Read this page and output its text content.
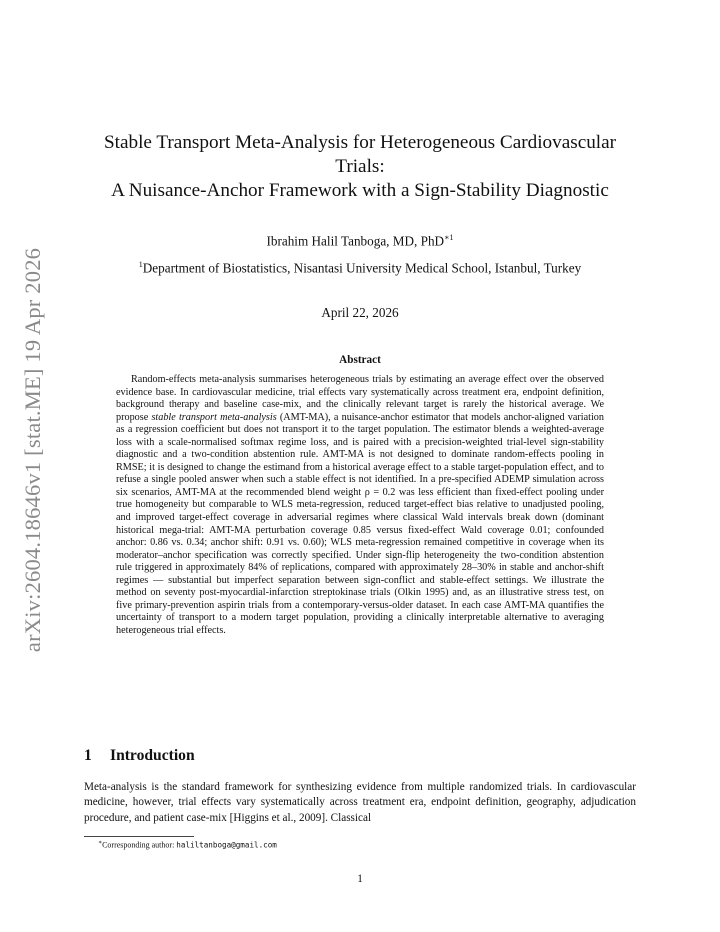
arXiv:2604.18646v1 [stat.ME] 19 Apr 2026
Stable Transport Meta-Analysis for Heterogeneous Cardiovascular
Trials:
A Nuisance-Anchor Framework with a Sign-Stability Diagnostic
Ibrahim Halil Tanboga, MD, PhD$^{∗1}$
$^1$Department of Biostatistics, Nisantasi University Medical School, Istanbul, Turkey
April 22, 2026
Abstract

Random-effects meta-analysis summarises heterogeneous trials by estimating an average effect over the observed evidence base. In cardiovascular medicine, trial effects vary systematically across treatment era, endpoint definition, background therapy and baseline case-mix, and the clinically relevant target is rarely the historical average. We propose stable transport meta-analysis (AMT-MA), a nuisance-anchor estimator that models anchor-aligned variation as a regression coefficient but does not transport it to the target population. The estimator blends a weighted-average loss with a scale-normalised softmax regime loss, and is paired with a precision-weighted trial-level sign-stability diagnostic and a two-condition abstention rule. AMT-MA is not designed to dominate random-effects pooling in RMSE; it is designed to change the estimand from a historical average effect to a stable target-population effect, and to refuse a single pooled answer when such a stable effect is not identified. In a pre-specified ADEMP simulation across six scenarios, AMT-MA at the recommended blend weight ρ = 0.2 was less efficient than fixed-effect pooling under true homogeneity but comparable to WLS meta-regression, reduced target-effect bias relative to unadjusted pooling, and improved target-effect coverage in adversarial regimes where classical Wald intervals break down (dominant historical mega-trial: AMT-MA perturbation coverage 0.85 versus fixed-effect Wald coverage 0.01; confounded anchor: 0.86 vs. 0.34; anchor shift: 0.91 vs. 0.60); WLS meta-regression remained competitive in coverage when its moderator–anchor specification was correctly specified. Under sign-flip heterogeneity the two-condition abstention rule triggered in approximately 84% of replications, compared with approximately 28–30% in stable and anchor-shift regimes — substantial but imperfect separation between sign-conflict and stable-effect settings. We illustrate the method on seventy post-myocardial-infarction streptokinase trials (Olkin 1995) and, as an illustrative stress test, on five primary-prevention aspirin trials from a contemporary-versus-older dataset. In each case AMT-MA quantifies the uncertainty of transport to a modern target population, providing a clinically interpretable alternative to averaging heterogeneous trial effects.

1 Introduction

Meta-analysis is the standard framework for synthesizing evidence from multiple randomized trials. In cardiovascular medicine, however, trial effects vary systematically across treatment era, endpoint definition, geography, adjudication procedure, and patient case-mix [Higgins et al., 2009]. Classical

∗Corresponding author: haliltanboga@gmail.com
1
